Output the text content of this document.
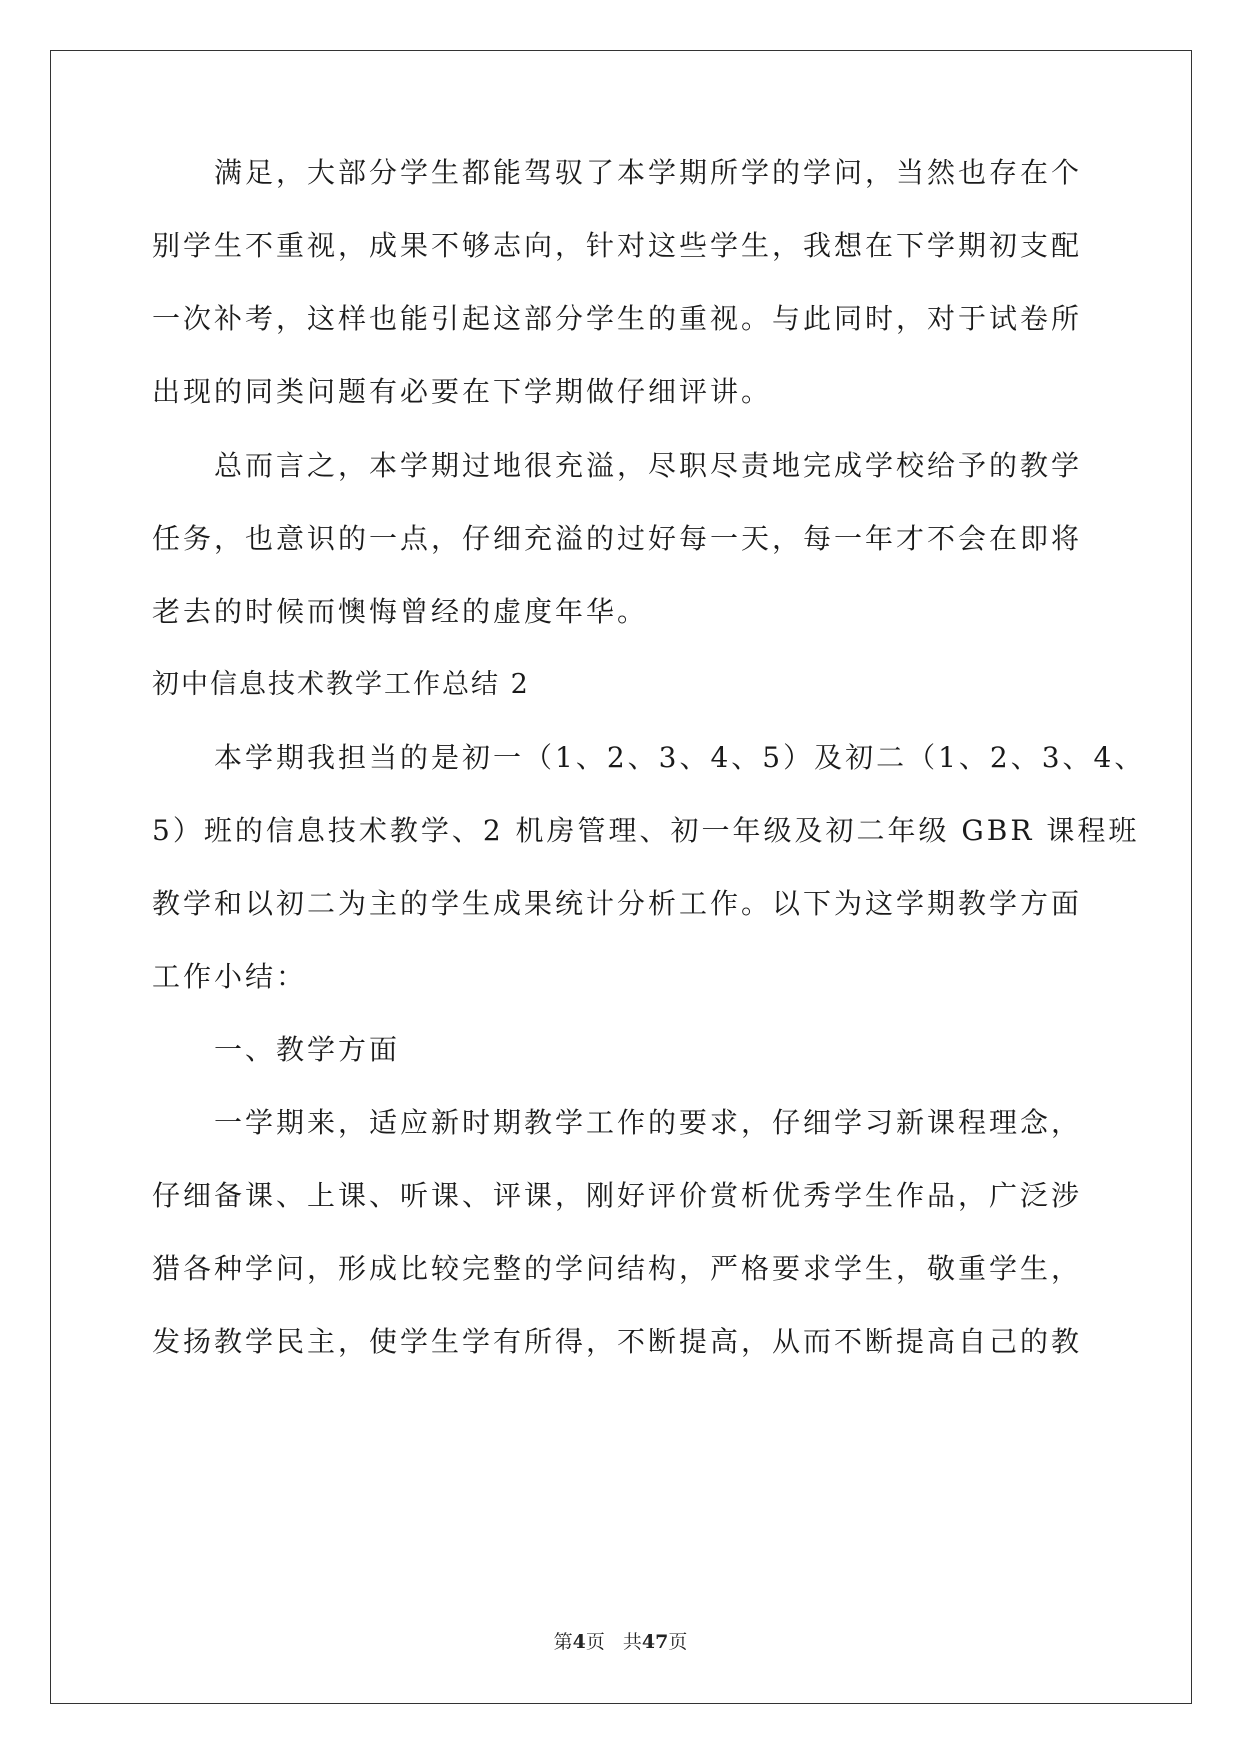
满足，大部分学生都能驾驭了本学期所学的学问，当然也存在个
别学生不重视，成果不够志向，针对这些学生，我想在下学期初支配
一次补考，这样也能引起这部分学生的重视。与此同时，对于试卷所
出现的同类问题有必要在下学期做仔细评讲。
总而言之，本学期过地很充溢，尽职尽责地完成学校给予的教学
任务，也意识的一点，仔细充溢的过好每一天，每一年才不会在即将
老去的时候而懊悔曾经的虚度年华。
初中信息技术教学工作总结 2
本学期我担当的是初一（1、2、3、4、5）及初二（1、2、3、4、
5）班的信息技术教学、2 机房管理、初一年级及初二年级 GBR 课程班
教学和以初二为主的学生成果统计分析工作。以下为这学期教学方面
工作小结：
一、教学方面
一学期来，适应新时期教学工作的要求，仔细学习新课程理念，
仔细备课、上课、听课、评课，刚好评价赏析优秀学生作品，广泛涉
猎各种学问，形成比较完整的学问结构，严格要求学生，敬重学生，
发扬教学民主，使学生学有所得，不断提高，从而不断提高自己的教
第4页 共47页
